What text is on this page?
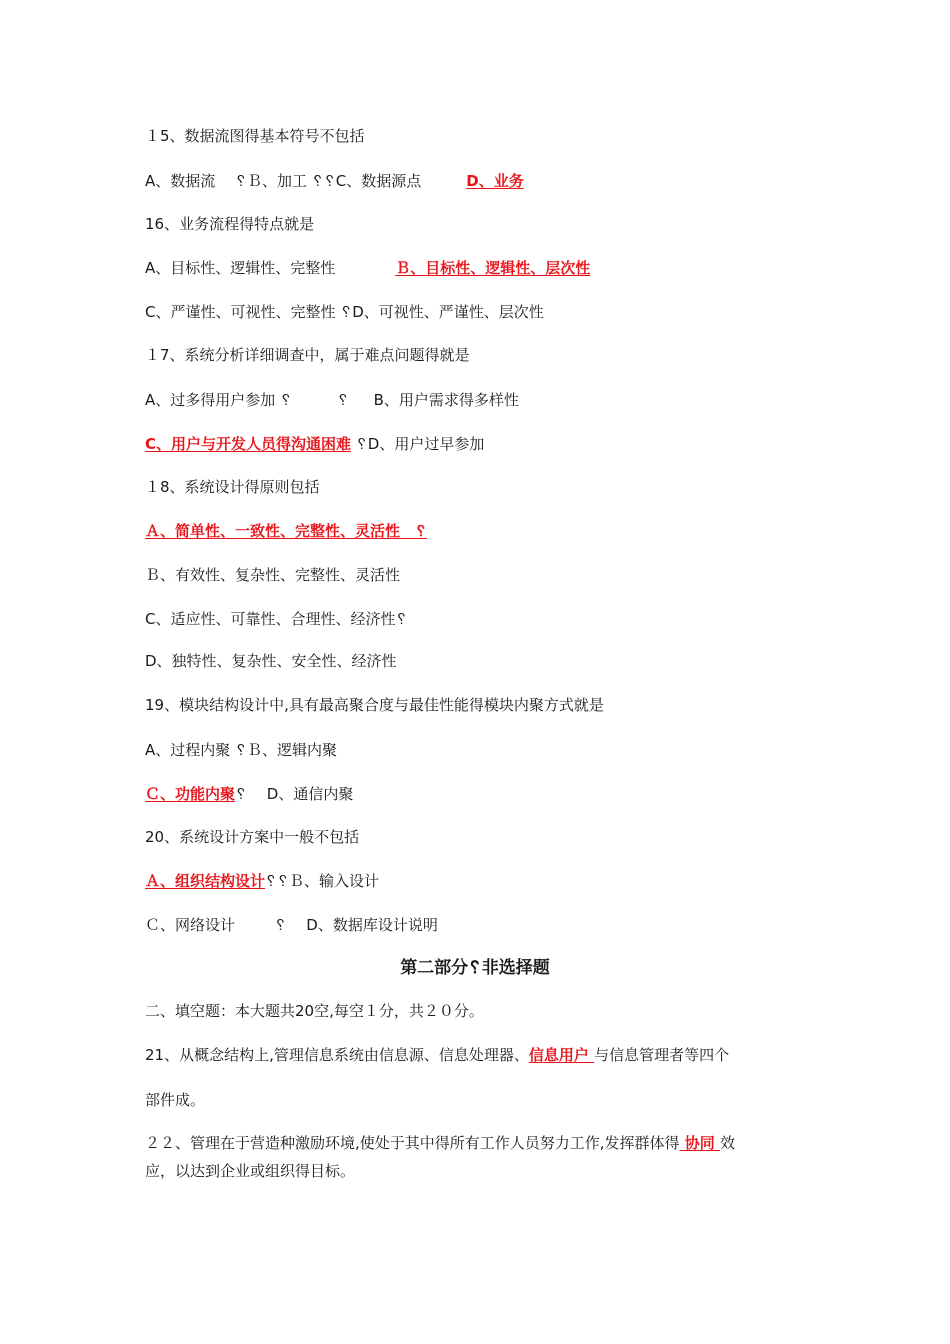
１5、数据流图得基本符号不包括
A、数据流　 ␦Ｂ、加工 ␦␦C、数据源点　　　D、业务
16、业务流程得特点就是
A、目标性、逻辑性、完整性　　　　Ｂ、目标性、逻辑性、层次性
C、严谨性、可视性、完整性 ␦D、可视性、严谨性、层次性
１7、系统分析详细调查中，属于难点问题得就是
A、过多得用户参加 ␦　　　␦ 　 B、用户需求得多样性
C、用户与开发人员得沟通困难 ␦D、用户过早参加
１8、系统设计得原则包括
Ａ、简单性、一致性、完整性、灵活性　␦
Ｂ、有效性、复杂性、完整性、灵活性
C、适应性、可靠性、合理性、经济性␦
D、独特性、复杂性、安全性、经济性
19、模块结构设计中,具有最高聚合度与最佳性能得模块内聚方式就是
A、过程内聚 ␦Ｂ、逻辑内聚
Ｃ、功能内聚␦　 D、通信内聚
20、系统设计方案中一般不包括
Ａ、组织结构设计␦␦Ｂ、输入设计
Ｃ、网络设计　 　 ␦　 D、数据库设计说明
第二部分␦非选择题
二、填空题：本大题共20空,每空１分，共２０分。
21、从概念结构上,管理信息系统由信息源、信息处理器、信息用户 与信息管理者等四个
部件成。
２２、管理在于营造种激励环境,使处于其中得所有工作人员努力工作,发挥群体得 协同 效
应，以达到企业或组织得目标。
